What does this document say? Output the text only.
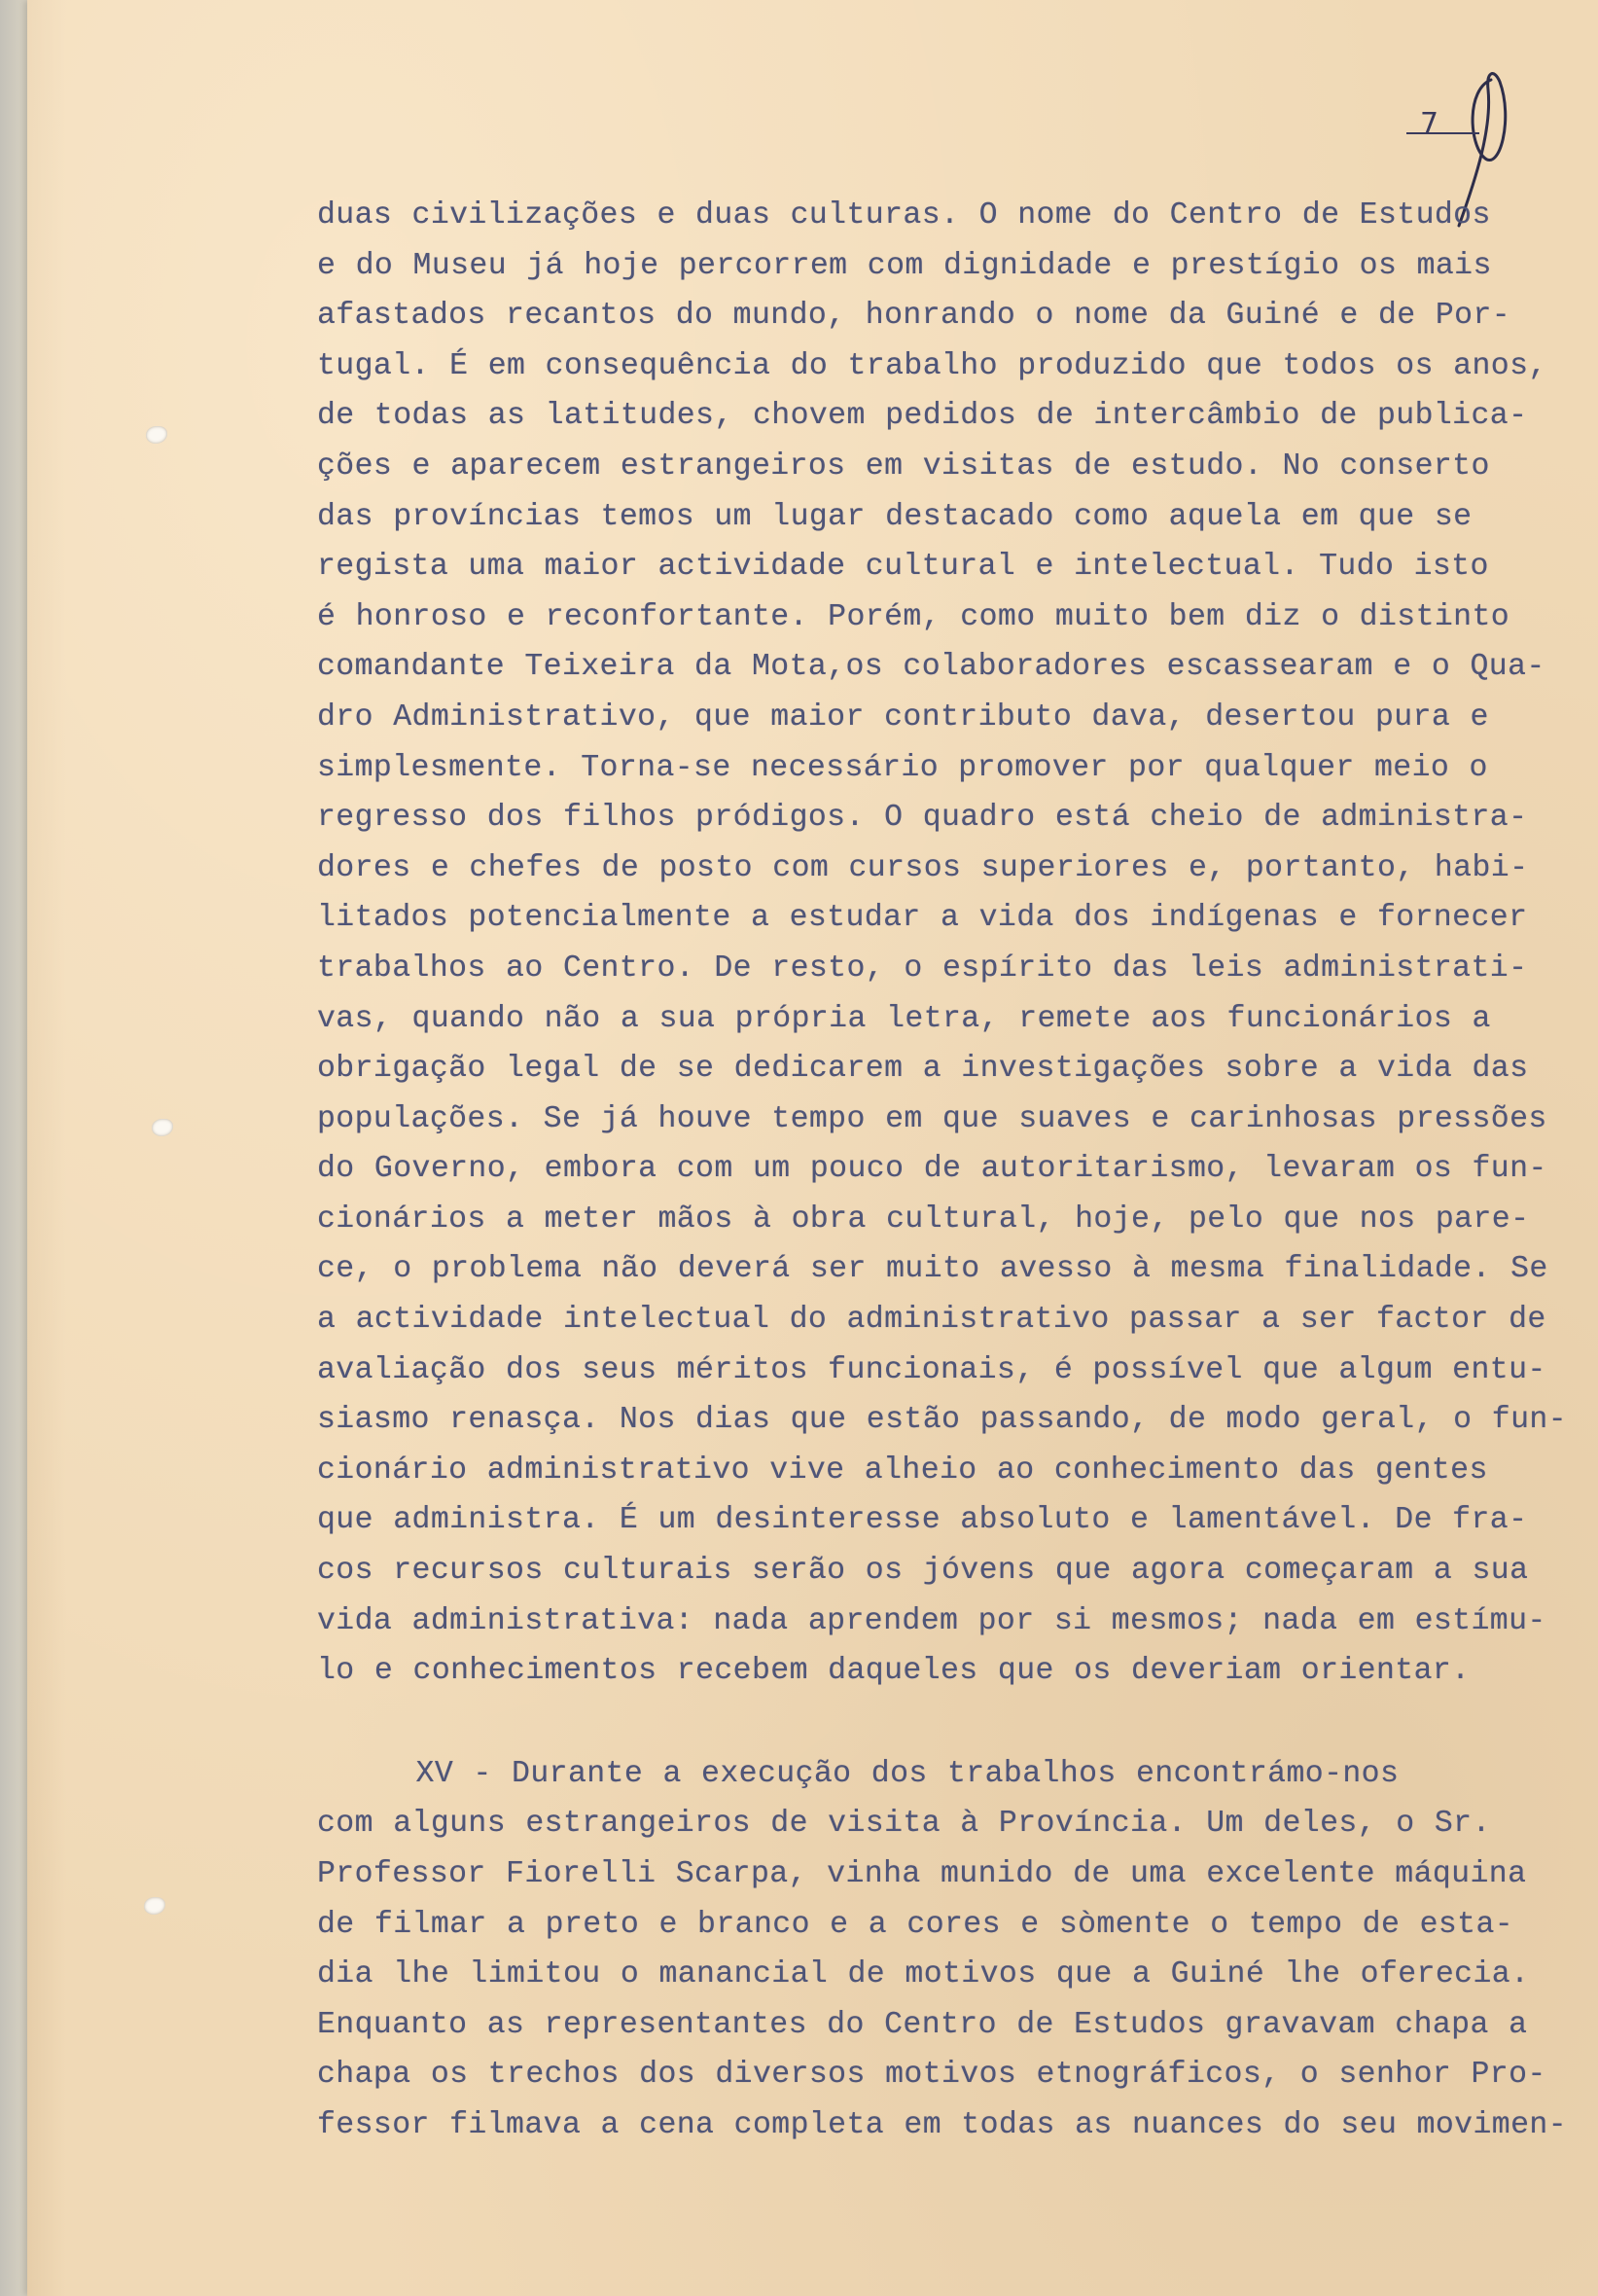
7
duas civilizações e duas culturas. O nome do Centro de Estudos
e do Museu já hoje percorrem com dignidade e prestígio os mais
afastados recantos do mundo, honrando o nome da Guiné e de Por-
tugal. É em consequência do trabalho produzido que todos os anos,
de todas as latitudes, chovem pedidos de intercâmbio de publica-
ções e aparecem estrangeiros em visitas de estudo. No conserto
das províncias temos um lugar destacado como aquela em que se
regista uma maior actividade cultural e intelectual. Tudo isto
é honroso e reconfortante. Porém, como muito bem diz o distinto
comandante Teixeira da Mota,os colaboradores escassearam e o Qua-
dro Administrativo, que maior contributo dava, desertou pura e
simplesmente. Torna-se necessário promover por qualquer meio o
regresso dos filhos pródigos. O quadro está cheio de administra-
dores e chefes de posto com cursos superiores e, portanto, habi-
litados potencialmente a estudar a vida dos indígenas e fornecer
trabalhos ao Centro. De resto, o espírito das leis administrati-
vas, quando não a sua própria letra, remete aos funcionários a
obrigação legal de se dedicarem a investigações sobre a vida das
populações. Se já houve tempo em que suaves e carinhosas pressões
do Governo, embora com um pouco de autoritarismo, levaram os fun-
cionários a meter mãos à obra cultural, hoje, pelo que nos pare-
ce, o problema não deverá ser muito avesso à mesma finalidade. Se
a actividade intelectual do administrativo passar a ser factor de
avaliação dos seus méritos funcionais, é possível que algum entu-
siasmo renasça. Nos dias que estão passando, de modo geral, o fun-
cionário administrativo vive alheio ao conhecimento das gentes
que administra. É um desinteresse absoluto e lamentável. De fra-
cos recursos culturais serão os jóvens que agora começaram a sua
vida administrativa: nada aprendem por si mesmos; nada em estímu-
lo e conhecimentos recebem daqueles que os deveriam orientar.
XV - Durante a execução dos trabalhos encontrámo-nos
com alguns estrangeiros de visita à Província. Um deles, o Sr.
Professor Fiorelli Scarpa, vinha munido de uma excelente máquina
de filmar a preto e branco e a cores e sòmente o tempo de esta-
dia lhe limitou o manancial de motivos que a Guiné lhe oferecia.
Enquanto as representantes do Centro de Estudos gravavam chapa a
chapa os trechos dos diversos motivos etnográficos, o senhor Pro-
fessor filmava a cena completa em todas as nuances do seu movimen-
